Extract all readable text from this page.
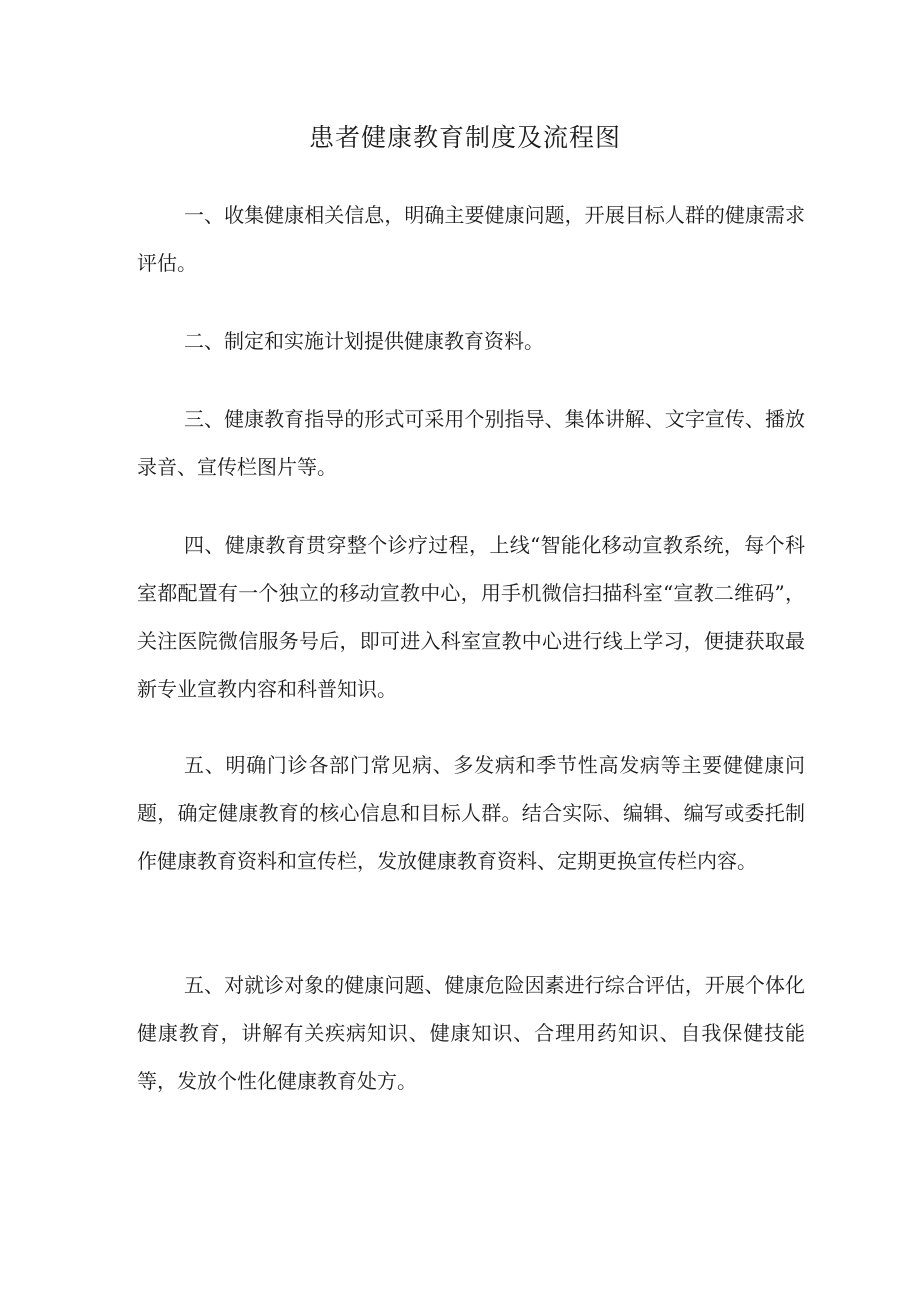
患者健康教育制度及流程图

一、收集健康相关信息，明确主要健康问题，开展目标人群的健康需求评估。

二、制定和实施计划提供健康教育资料。

三、健康教育指导的形式可采用个别指导、集体讲解、文字宣传、播放录音、宣传栏图片等。

四、健康教育贯穿整个诊疗过程，上线“智能化移动宣教系统，每个科室都配置有一个独立的移动宣教中心，用手机微信扫描科室“宣教二维码”，关注医院微信服务号后，即可进入科室宣教中心进行线上学习，便捷获取最新专业宣教内容和科普知识。

五、明确门诊各部门常见病、多发病和季节性高发病等主要健健康问题，确定健康教育的核心信息和目标人群。结合实际、编辑、编写或委托制作健康教育资料和宣传栏，发放健康教育资料、定期更换宣传栏内容。

五、对就诊对象的健康问题、健康危险因素进行综合评估，开展个体化健康教育，讲解有关疾病知识、健康知识、合理用药知识、自我保健技能等，发放个性化健康教育处方。
